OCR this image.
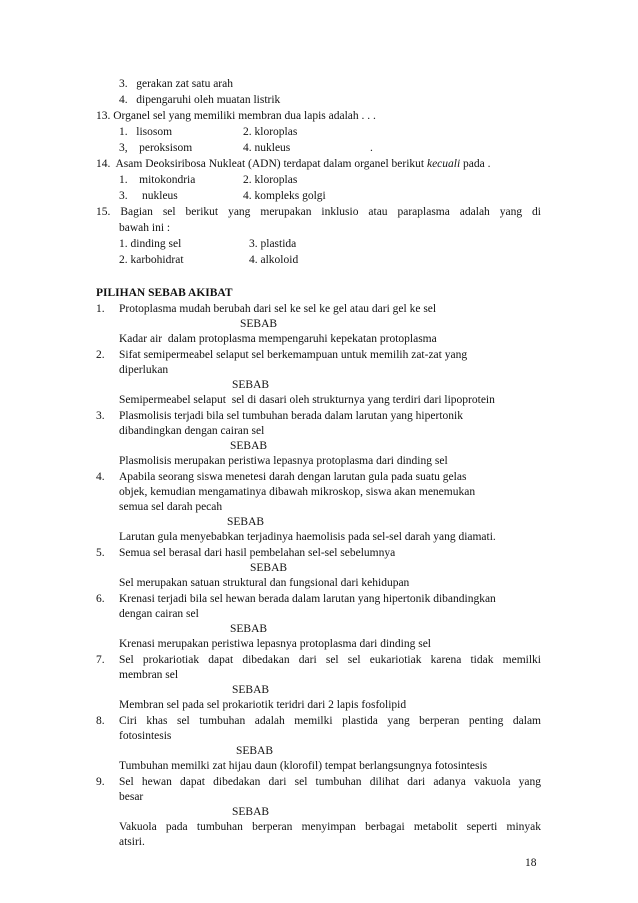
3.   gerakan zat satu arah
4.   dipengaruhi oleh muatan listrik
13. Organel sel yang memiliki membran dua lapis adalah . . .
1.   lisosom	2. kloroplas
3,    peroksisom	4. nukleus	.
14.  Asam Deoksiribosa Nukleat (ADN) terdapat dalam organel berikut kecuali pada .
1.    mitokondria	2. kloroplas
3.     nukleus	4. kompleks golgi
15. Bagian sel berikut yang merupakan inklusio atau paraplasma adalah yang di
bawah ini :
1. dinding sel	3. plastida
2. karbohidrat	4. alkoloid
PILIHAN SEBAB AKIBAT
1. Protoplasma mudah berubah dari sel ke sel ke gel atau dari gel ke sel
SEBAB
Kadar air  dalam protoplasma mempengaruhi kepekatan protoplasma
2. Sifat semipermeabel selaput sel berkemampuan untuk memilih zat-zat yang
diperlukan
SEBAB
Semipermeabel selaput  sel di dasari oleh strukturnya yang terdiri dari lipoprotein
3. Plasmolisis terjadi bila sel tumbuhan berada dalam larutan yang hipertonik
dibandingkan dengan cairan sel
SEBAB
Plasmolisis merupakan peristiwa lepasnya protoplasma dari dinding sel
4. Apabila seorang siswa menetesi darah dengan larutan gula pada suatu gelas
objek, kemudian mengamatinya dibawah mikroskop, siswa akan menemukan
semua sel darah pecah
SEBAB
Larutan gula menyebabkan terjadinya haemolisis pada sel-sel darah yang diamati.
5. Semua sel berasal dari hasil pembelahan sel-sel sebelumnya
SEBAB
Sel merupakan satuan struktural dan fungsional dari kehidupan
6. Krenasi terjadi bila sel hewan berada dalam larutan yang hipertonik dibandingkan
dengan cairan sel
SEBAB
Krenasi merupakan peristiwa lepasnya protoplasma dari dinding sel
7. Sel prokariotiak dapat dibedakan dari sel sel eukariotiak karena tidak memilki
membran sel
SEBAB
Membran sel pada sel prokariotik teridri dari 2 lapis fosfolipid
8. Ciri khas sel tumbuhan adalah memilki plastida yang berperan penting dalam
fotosintesis
SEBAB
Tumbuhan memilki zat hijau daun (klorofil) tempat berlangsungnya fotosintesis
9. Sel hewan dapat dibedakan dari sel tumbuhan dilihat dari adanya vakuola yang
besar
SEBAB
Vakuola pada tumbuhan berperan menyimpan berbagai metabolit seperti minyak
atsiri.
18
